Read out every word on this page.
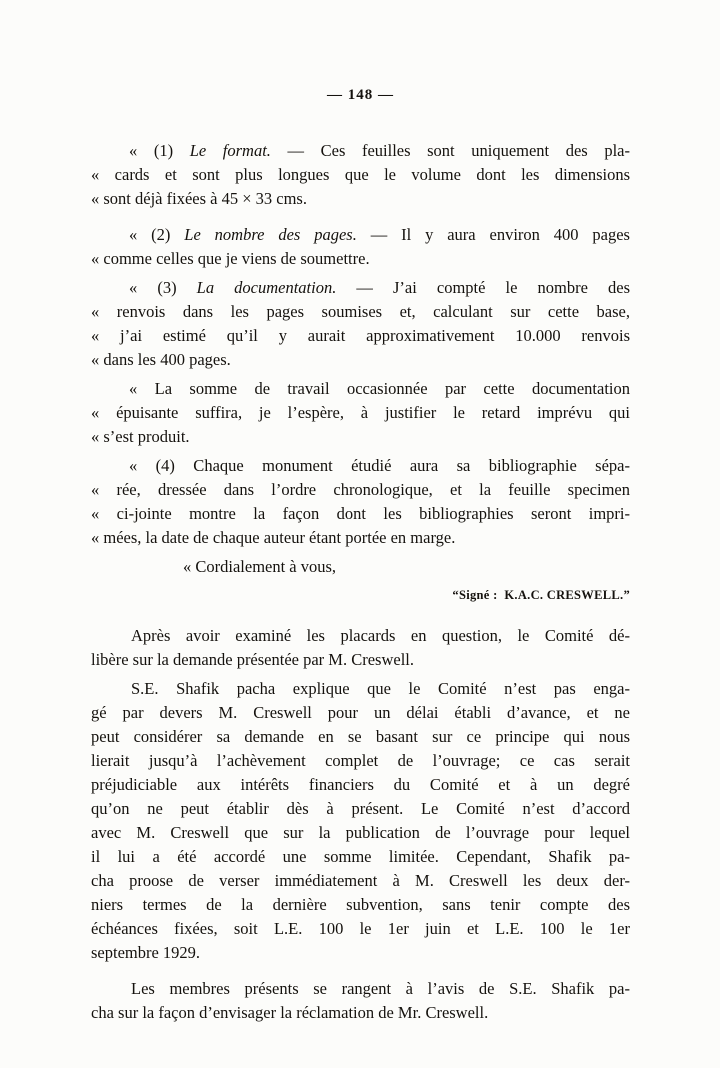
— 148 —
« (1) Le format. — Ces feuilles sont uniquement des pla-
« cards et sont plus longues que le volume dont les dimensions
« sont déjà fixées à 45 × 33 cms.
« (2) Le nombre des pages. — Il y aura environ 400 pages
« comme celles que je viens de soumettre.
« (3) La documentation. — J’ai compté le nombre des
« renvois dans les pages soumises et, calculant sur cette base,
« j’ai estimé qu’il y aurait approximativement 10.000 renvois
« dans les 400 pages.
« La somme de travail occasionnée par cette documentation
« épuisante suffira, je l’espère, à justifier le retard imprévu qui
« s’est produit.
« (4) Chaque monument étudié aura sa bibliographie sépa-
« rée, dressée dans l’ordre chronologique, et la feuille specimen
« ci-jointe montre la façon dont les bibliographies seront impri-
« mées, la date de chaque auteur étant portée en marge.
« Cordialement à vous,
“Signé :  K.A.C. CRESWELL.”
Après avoir examiné les placards en question, le Comité dé-
libère sur la demande présentée par M. Creswell.
S.E. Shafik pacha explique que le Comité n’est pas enga-
gé par devers M. Creswell pour un délai établi d’avance, et ne
peut considérer sa demande en se basant sur ce principe qui nous
lierait jusqu’à l’achèvement complet de l’ouvrage; ce cas serait
préjudiciable aux intérêts financiers du Comité et à un degré
qu’on ne peut établir dès à présent. Le Comité n’est d’accord
avec M. Creswell que sur la publication de l’ouvrage pour lequel
il lui a été accordé une somme limitée. Cependant, Shafik pa-
cha proose de verser immédiatement à M. Creswell les deux der-
niers termes de la dernière subvention, sans tenir compte des
échéances fixées, soit L.E. 100 le 1er juin et L.E. 100 le 1er
septembre 1929.
Les membres présents se rangent à l’avis de S.E. Shafik pa-
cha sur la façon d’envisager la réclamation de Mr. Creswell.
